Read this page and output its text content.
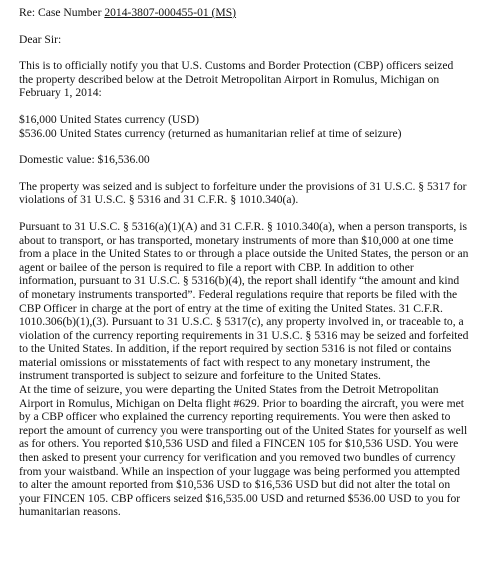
Re: Case Number 2014-3807-000455-01 (MS)
Dear Sir:
This is to officially notify you that U.S. Customs and Border Protection (CBP) officers seized
the property described below at the Detroit Metropolitan Airport in Romulus, Michigan on
February 1, 2014:
$16,000 United States currency (USD)
$536.00 United States currency (returned as humanitarian relief at time of seizure)
Domestic value: $16,536.00
The property was seized and is subject to forfeiture under the provisions of 31 U.S.C. § 5317 for
violations of 31 U.S.C. § 5316 and 31 C.F.R. § 1010.340(a).
Pursuant to 31 U.S.C. § 5316(a)(1)(A) and 31 C.F.R. § 1010.340(a), when a person transports, is
about to transport, or has transported, monetary instruments of more than $10,000 at one time
from a place in the United States to or through a place outside the United States, the person or an
agent or bailee of the person is required to file a report with CBP. In addition to other
information, pursuant to 31 U.S.C. § 5316(b)(4), the report shall identify “the amount and kind
of monetary instruments transported”. Federal regulations require that reports be filed with the
CBP Officer in charge at the port of entry at the time of exiting the United States. 31 C.F.R.
1010.306(b)(1),(3). Pursuant to 31 U.S.C. § 5317(c), any property involved in, or traceable to, a
violation of the currency reporting requirements in 31 U.S.C. § 5316 may be seized and forfeited
to the United States. In addition, if the report required by section 5316 is not filed or contains
material omissions or misstatements of fact with respect to any monetary instrument, the
instrument transported is subject to seizure and forfeiture to the United States.
At the time of seizure, you were departing the United States from the Detroit Metropolitan
Airport in Romulus, Michigan on Delta flight #629. Prior to boarding the aircraft, you were met
by a CBP officer who explained the currency reporting requirements. You were then asked to
report the amount of currency you were transporting out of the United States for yourself as well
as for others. You reported $10,536 USD and filed a FINCEN 105 for $10,536 USD. You were
then asked to present your currency for verification and you removed two bundles of currency
from your waistband. While an inspection of your luggage was being performed you attempted
to alter the amount reported from $10,536 USD to $16,536 USD but did not alter the total on
your FINCEN 105. CBP officers seized $16,535.00 USD and returned $536.00 USD to you for
humanitarian reasons.
